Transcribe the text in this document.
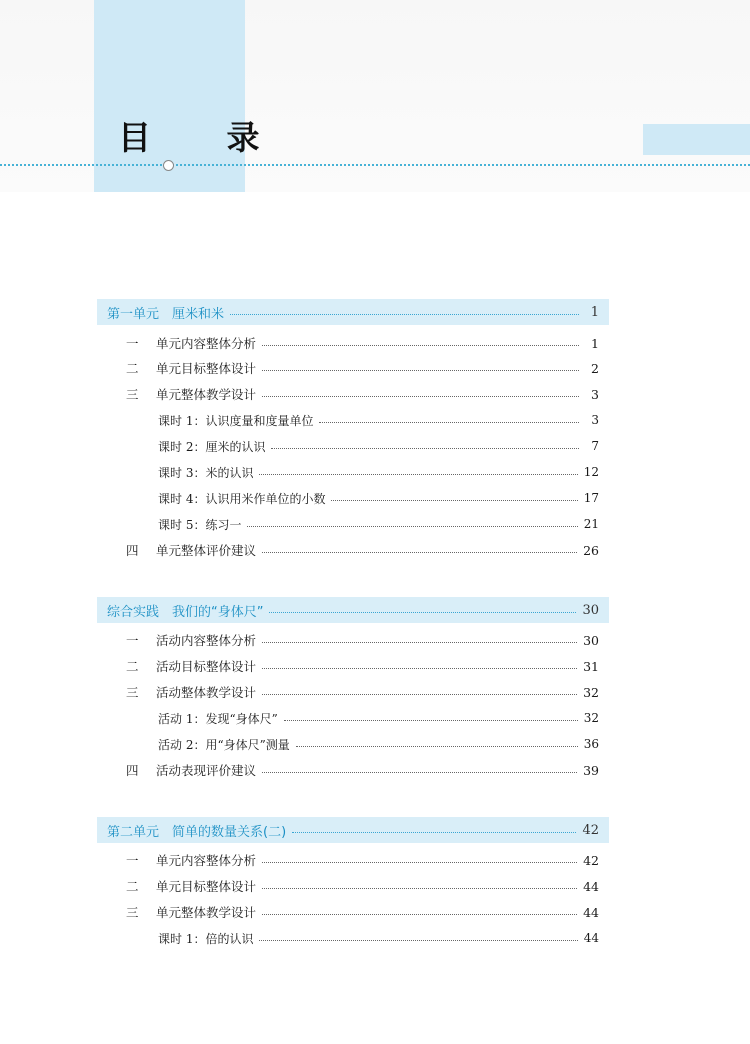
目 录
第一单元　厘米和米	1
一	单元内容整体分析	1
二	单元目标整体设计	2
三	单元整体教学设计	3
课时 1：认识度量和度量单位	3
课时 2：厘米的认识	7
课时 3：米的认识	12
课时 4：认识用米作单位的小数	17
课时 5：练习一	21
四	单元整体评价建议	26
综合实践　我们的“身体尺”	30
一	活动内容整体分析	30
二	活动目标整体设计	31
三	活动整体教学设计	32
活动 1：发现“身体尺”	32
活动 2：用“身体尺”测量	36
四	活动表现评价建议	39
第二单元　简单的数量关系(二)	42
一	单元内容整体分析	42
二	单元目标整体设计	44
三	单元整体教学设计	44
课时 1：倍的认识	44
